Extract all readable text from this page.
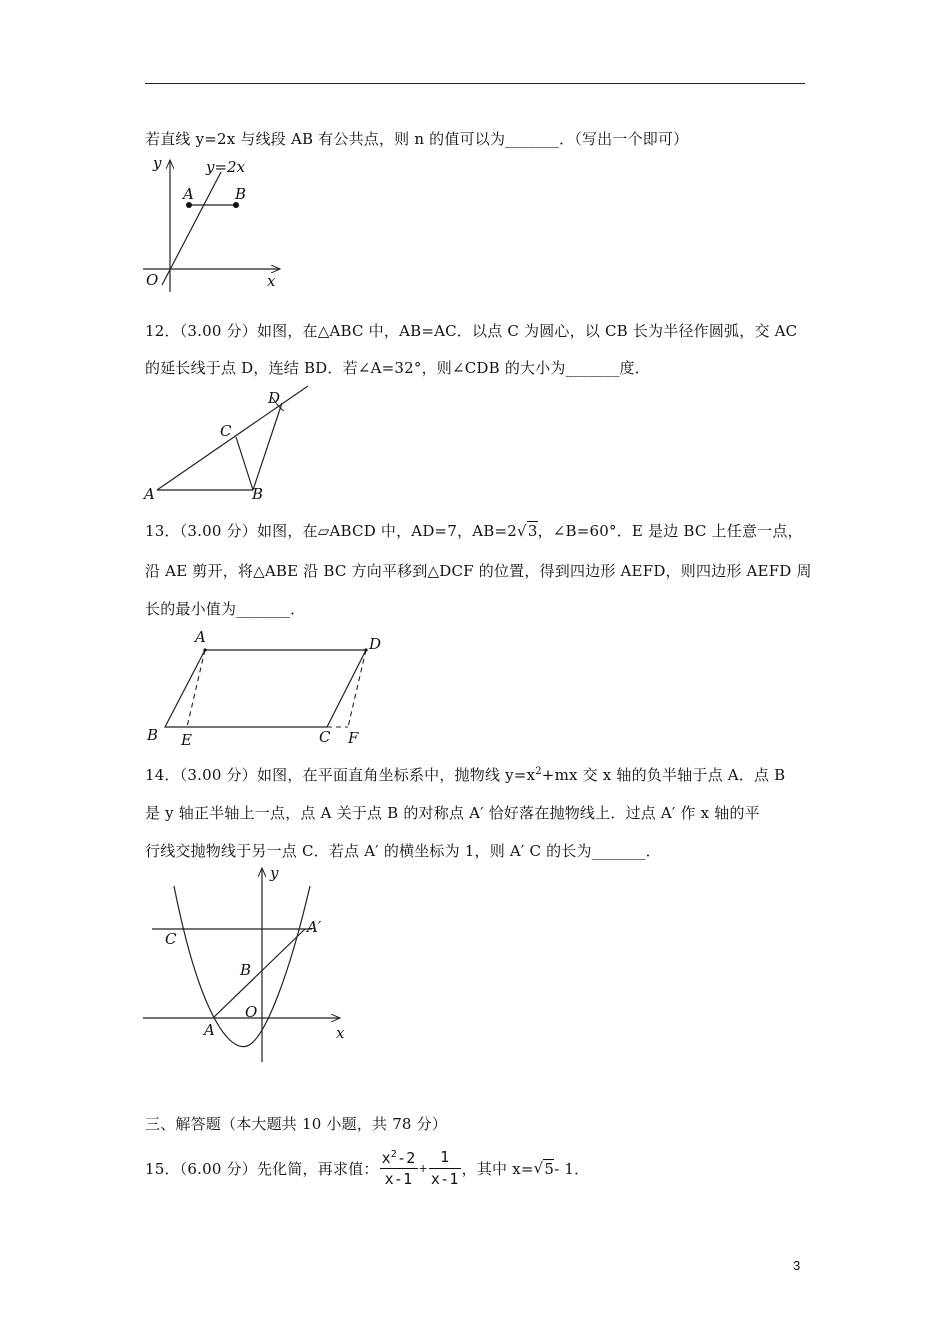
若直线 y=2x 与线段 AB 有公共点，则 n 的值可以为_______．（写出一个即可）
y	y=2x
A	B
O	x
12．（3.00 分）如图，在△ABC 中，AB=AC．以点 C 为圆心，以 CB 长为半径作圆弧，交 AC
的延长线于点 D，连结 BD．若∠A=32°，则∠CDB 的大小为_______度．
A	B
C
D
13．（3.00 分）如图，在▱ABCD 中，AD=7，AB=2√3，∠B=60°．E 是边 BC 上任意一点，
沿 AE 剪开，将△ABE 沿 BC 方向平移到△DCF 的位置，得到四边形 AEFD，则四边形 AEFD 周
长的最小值为_______．
A	D
B E	C F
14．（3.00 分）如图，在平面直角坐标系中，抛物线 $y=x^2+mx$ 交 x 轴的负半轴于点 A．点 B
是 y 轴正半轴上一点，点 A 关于点 B 的对称点 A′ 恰好落在抛物线上．过点 A′ 作 x 轴的平
行线交抛物线于另一点 C．若点 A′ 的横坐标为 1，则 A′ C 的长为_______．
y
x
C
A′
B
O
A
三、解答题（本大题共 10 小题，共 78 分）
15．（6.00 分）先化简，再求值： $\frac{x^2-2}{x-1} + \frac{1}{x-1}$ ，其中 x= √ 5 - 1．
3
